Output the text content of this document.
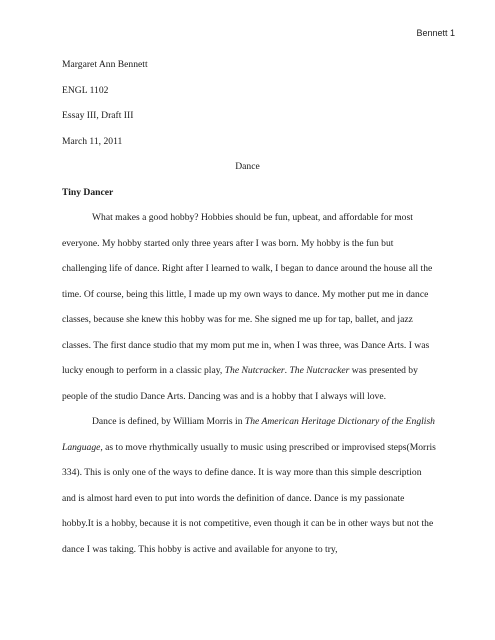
Bennett 1
Margaret Ann Bennett
ENGL 1102
Essay III, Draft III
March 11, 2011
Dance
Tiny Dancer
What makes a good hobby? Hobbies should be fun, upbeat, and affordable for most
everyone. My hobby started only three years after I was born. My hobby is the fun but
challenging life of dance. Right after I learned to walk, I began to dance around the house all the
time. Of course, being this little, I made up my own ways to dance. My mother put me in dance
classes, because she knew this hobby was for me. She signed me up for tap, ballet, and jazz
classes. The first dance studio that my mom put me in, when I was three, was Dance Arts. I was
lucky enough to perform in a classic play, The Nutcracker. The Nutcracker was presented by
people of the studio Dance Arts. Dancing was and is a hobby that I always will love.
Dance is defined, by William Morris in The American Heritage Dictionary of the English
Language, as to move rhythmically usually to music using prescribed or improvised steps(Morris
334). This is only one of the ways to define dance. It is way more than this simple description
and is almost hard even to put into words the definition of dance. Dance is my passionate
hobby.It is a hobby, because it is not competitive, even though it can be in other ways but not the
dance I was taking. This hobby is active and available for anyone to try,
